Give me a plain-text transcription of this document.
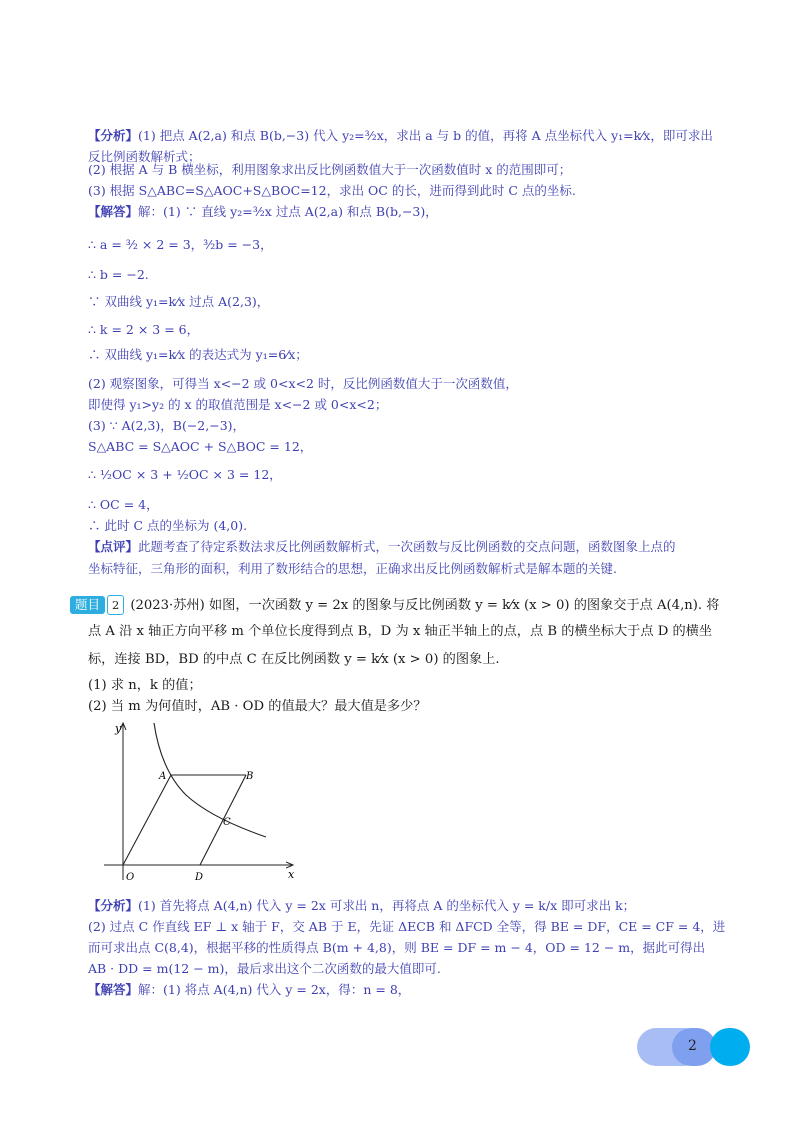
【分析】(1) 把点 A(2,a) 和点 B(b,−3) 代入 y₂=³⁄₂x，求出 a 与 b 的值，再将 A 点坐标代入 y₁=k⁄x，即可求出
反比例函数解析式；
(2) 根据 A 与 B 横坐标，利用图象求出反比例函数值大于一次函数值时 x 的范围即可；
(3) 根据 S△ABC=S△AOC+S△BOC=12，求出 OC 的长，进而得到此时 C 点的坐标.
【解答】解：(1) ∵ 直线 y₂=³⁄₂x 过点 A(2,a) 和点 B(b,−3)，
∴ a = ³⁄₂ × 2 = 3，³⁄₂b = −3，
∴ b = −2.
∵ 双曲线 y₁=k⁄x 过点 A(2,3)，
∴ k = 2 × 3 = 6，
∴ 双曲线 y₁=k⁄x 的表达式为 y₁=6⁄x；
(2) 观察图象，可得当 x<−2 或 0<x<2 时，反比例函数值大于一次函数值，
即使得 y₁>y₂ 的 x 的取值范围是 x<−2 或 0<x<2；
(3) ∵ A(2,3)，B(−2,−3)，
S△ABC = S△AOC + S△BOC = 12，
∴ ½OC × 3 + ½OC × 3 = 12，
∴ OC = 4，
∴ 此时 C 点的坐标为 (4,0).
【点评】此题考查了待定系数法求反比例函数解析式，一次函数与反比例函数的交点问题，函数图象上点的
坐标特征，三角形的面积，利用了数形结合的思想，正确求出反比例函数解析式是解本题的关键.
题目 2 (2023·苏州) 如图，一次函数 y = 2x 的图象与反比例函数 y = k⁄x (x > 0) 的图象交于点 A(4,n). 将
点 A 沿 x 轴正方向平移 m 个单位长度得到点 B，D 为 x 轴正半轴上的点，点 B 的横坐标大于点 D 的横坐
标，连接 BD，BD 的中点 C 在反比例函数 y = k⁄x (x > 0) 的图象上.
(1) 求 n，k 的值；
(2) 当 m 为何值时，AB · OD 的值最大？最大值是多少？
y
x
O
A	B
C
D
【分析】(1) 首先将点 A(4,n) 代入 y = 2x 可求出 n，再将点 A 的坐标代入 y = k/x 即可求出 k；
(2) 过点 C 作直线 EF ⊥ x 轴于 F，交 AB 于 E，先证 ΔECB 和 ΔFCD 全等，得 BE = DF，CE = CF = 4，进
而可求出点 C(8,4)，根据平移的性质得点 B(m + 4,8)，则 BE = DF = m − 4，OD = 12 − m，据此可得出
AB · DD = m(12 − m)，最后求出这个二次函数的最大值即可.
【解答】解：(1) 将点 A(4,n) 代入 y = 2x，得：n = 8，
2
